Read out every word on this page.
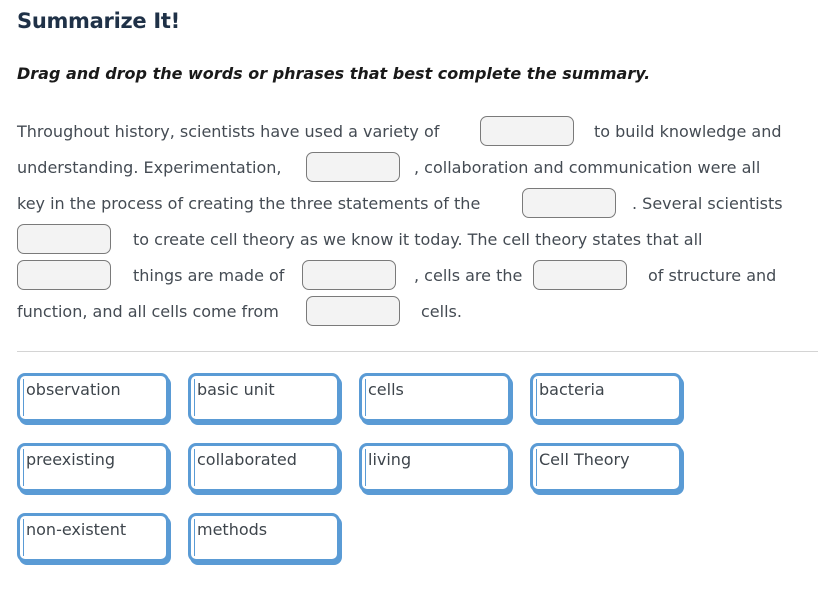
Summarize It!

Drag and drop the words or phrases that best complete the summary.

Throughout history, scientists have used a variety of	to build knowledge and
understanding. Experimentation,	, collaboration and communication were all
key in the process of creating the three statements of the	. Several scientists
to create cell theory as we know it today. The cell theory states that all
things are made of	, cells are the	of structure and
function, and all cells come from	cells.
observation	basic unit	cells	bacteria
preexisting	collaborated	living	Cell Theory
non-existent	methods
